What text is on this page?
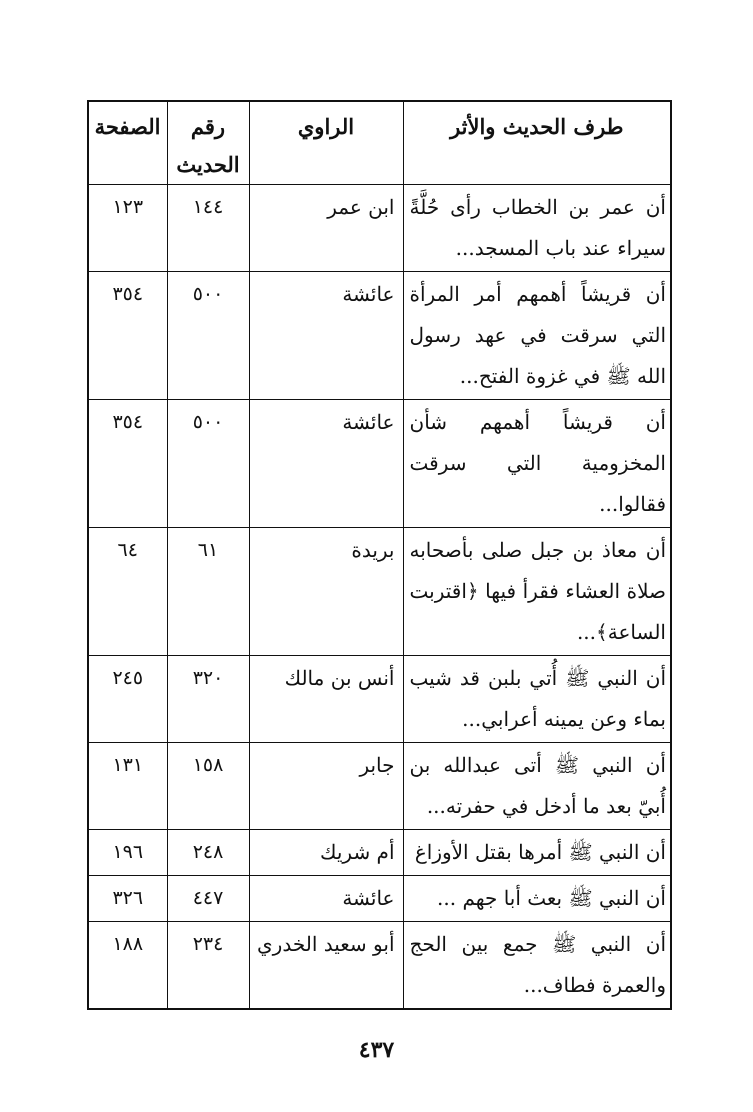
طرف الحديث والأثر	الراوي	رقم الحديث	الصفحة
أن عمر بن الخطاب رأى حُلَّةً سيراء عند باب المسجد...	ابن عمر	١٤٤	١٢٣
أن قريشاً أهمهم أمر المرأة التي سرقت في عهد رسول الله ﷺ في غزوة الفتح...	عائشة	٥٠٠	٣٥٤
أن قريشاً أهمهم شأن المخزومية التي سرقت فقالوا...	عائشة	٥٠٠	٣٥٤
أن معاذ بن جبل صلى بأصحابه صلاة العشاء فقرأ فيها ﴿اقتربت الساعة﴾...	بريدة	٦١	٦٤
أن النبي ﷺ أُتي بلبن قد شيب بماء وعن يمينه أعرابي...	أنس بن مالك	٣٢٠	٢٤٥
أن النبي ﷺ أتى عبدالله بن أُبيّ بعد ما أدخل في حفرته...	جابر	١٥٨	١٣١
أن النبي ﷺ أمرها بقتل الأوزاغ	أم شريك	٢٤٨	١٩٦
أن النبي ﷺ بعث أبا جهم ...	عائشة	٤٤٧	٣٢٦
أن النبي ﷺ جمع بين الحج والعمرة فطاف...	أبو سعيد الخدري	٢٣٤	١٨٨
٤٣٧
